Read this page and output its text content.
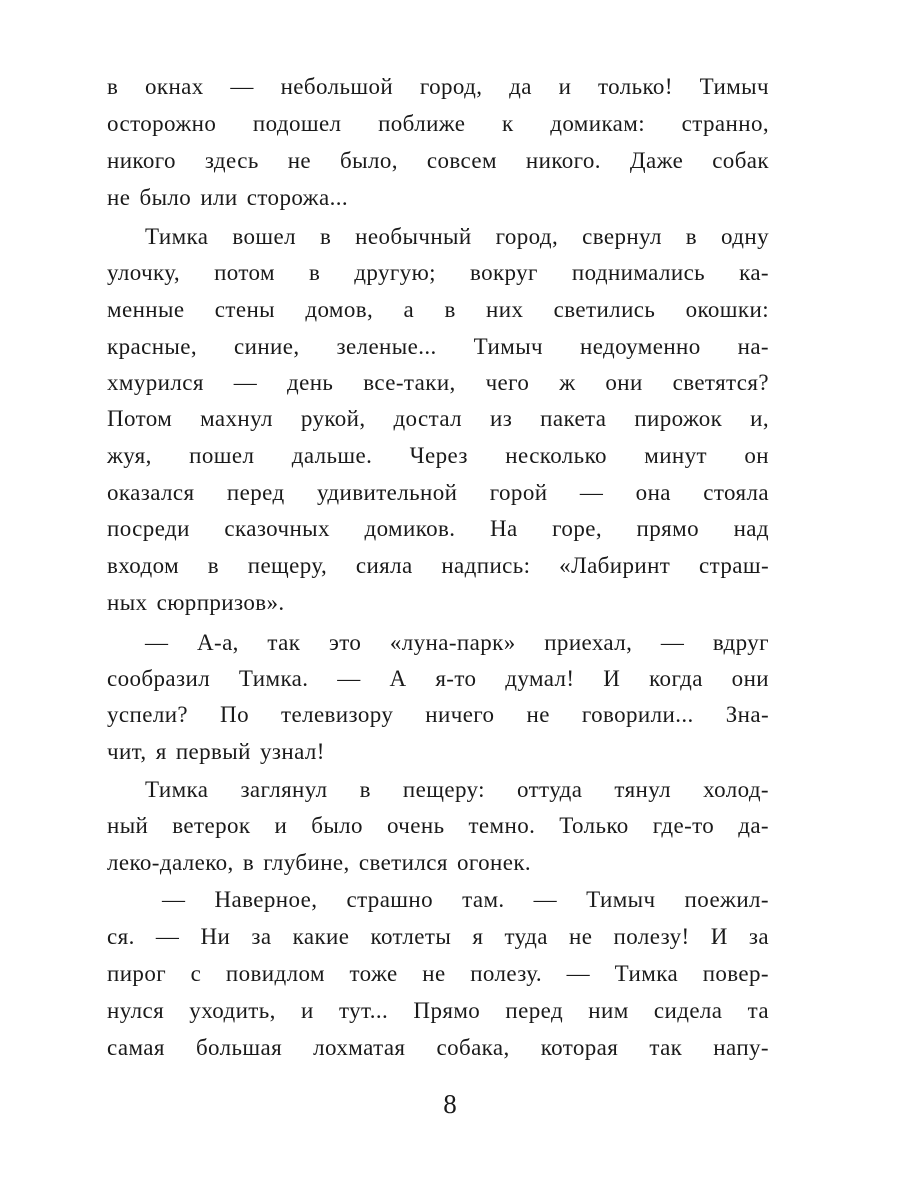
в окнах — небольшой город, да и только! Тимыч
осторожно подошел поближе к домикам: странно,
никого здесь не было, совсем никого. Даже собак
не было или сторожа...
Тимка вошел в необычный город, свернул в одну
улочку, потом в другую; вокруг поднимались ка-
менные стены домов, а в них светились окошки:
красные, синие, зеленые... Тимыч недоуменно на-
хмурился — день все-таки, чего ж они светятся?
Потом махнул рукой, достал из пакета пирожок и,
жуя, пошел дальше. Через несколько минут он
оказался перед удивительной горой — она стояла
посреди сказочных домиков. На горе, прямо над
входом в пещеру, сияла надпись: «Лабиринт страш-
ных сюрпризов».
— А-а, так это «луна-парк» приехал, — вдруг
сообразил Тимка. — А я-то думал! И когда они
успели? По телевизору ничего не говорили... Зна-
чит, я первый узнал!
Тимка заглянул в пещеру: оттуда тянул холод-
ный ветерок и было очень темно. Только где-то да-
леко-далеко, в глубине, светился огонек.
— Наверное, страшно там. — Тимыч поежил-
ся. — Ни за какие котлеты я туда не полезу! И за
пирог с повидлом тоже не полезу. — Тимка повер-
нулся уходить, и тут... Прямо перед ним сидела та
самая большая лохматая собака, которая так напу-
8
